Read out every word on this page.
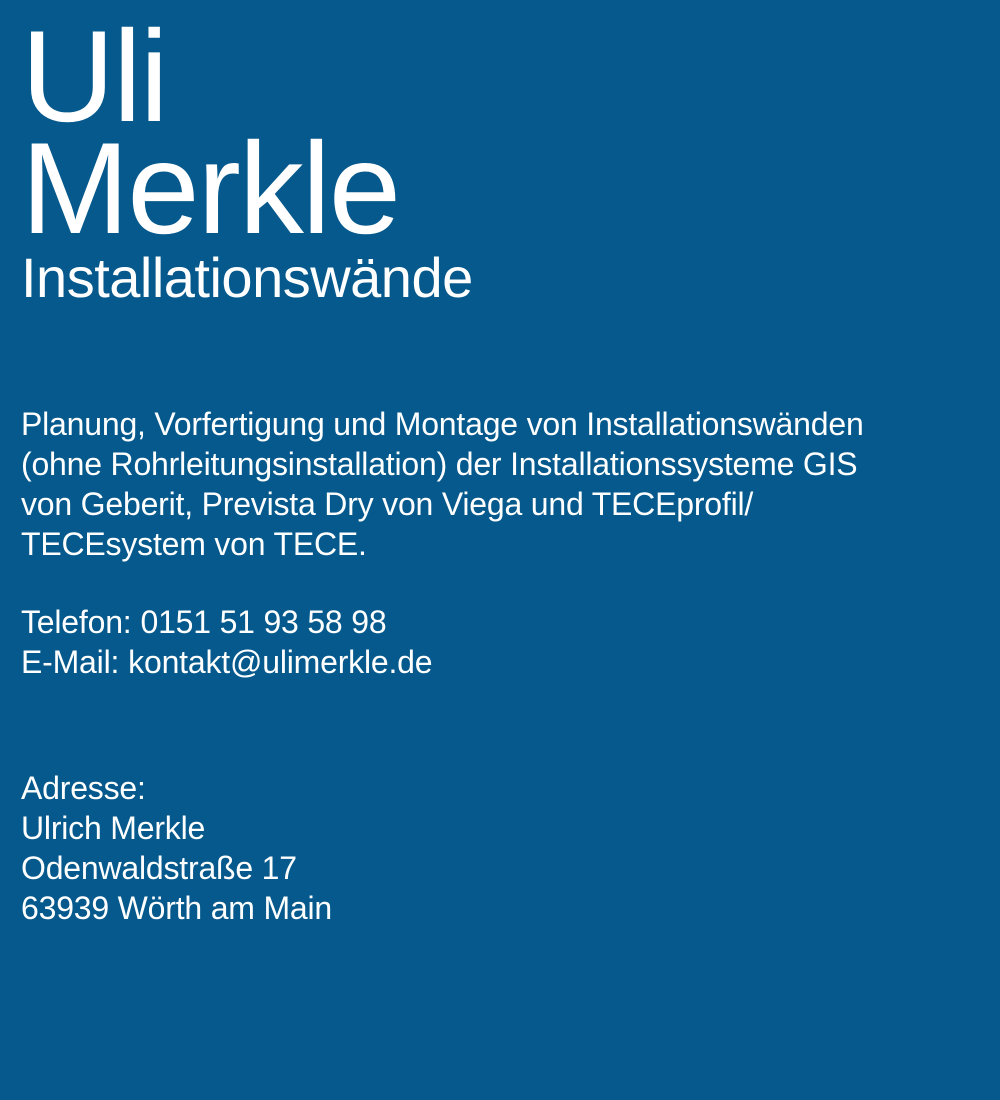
Uli
Merkle
Installationswände

Planung, Vorfertigung und Montage von Installationswänden
(ohne Rohrleitungsinstallation) der Installationssysteme GIS
von Geberit, Prevista Dry von Viega und TECEprofil/
TECEsystem von TECE.

Telefon: 0151 51 93 58 98
E-Mail: kontakt@ulimerkle.de
Adresse:
Ulrich Merkle
Odenwaldstraße 17
63939 Wörth am Main
